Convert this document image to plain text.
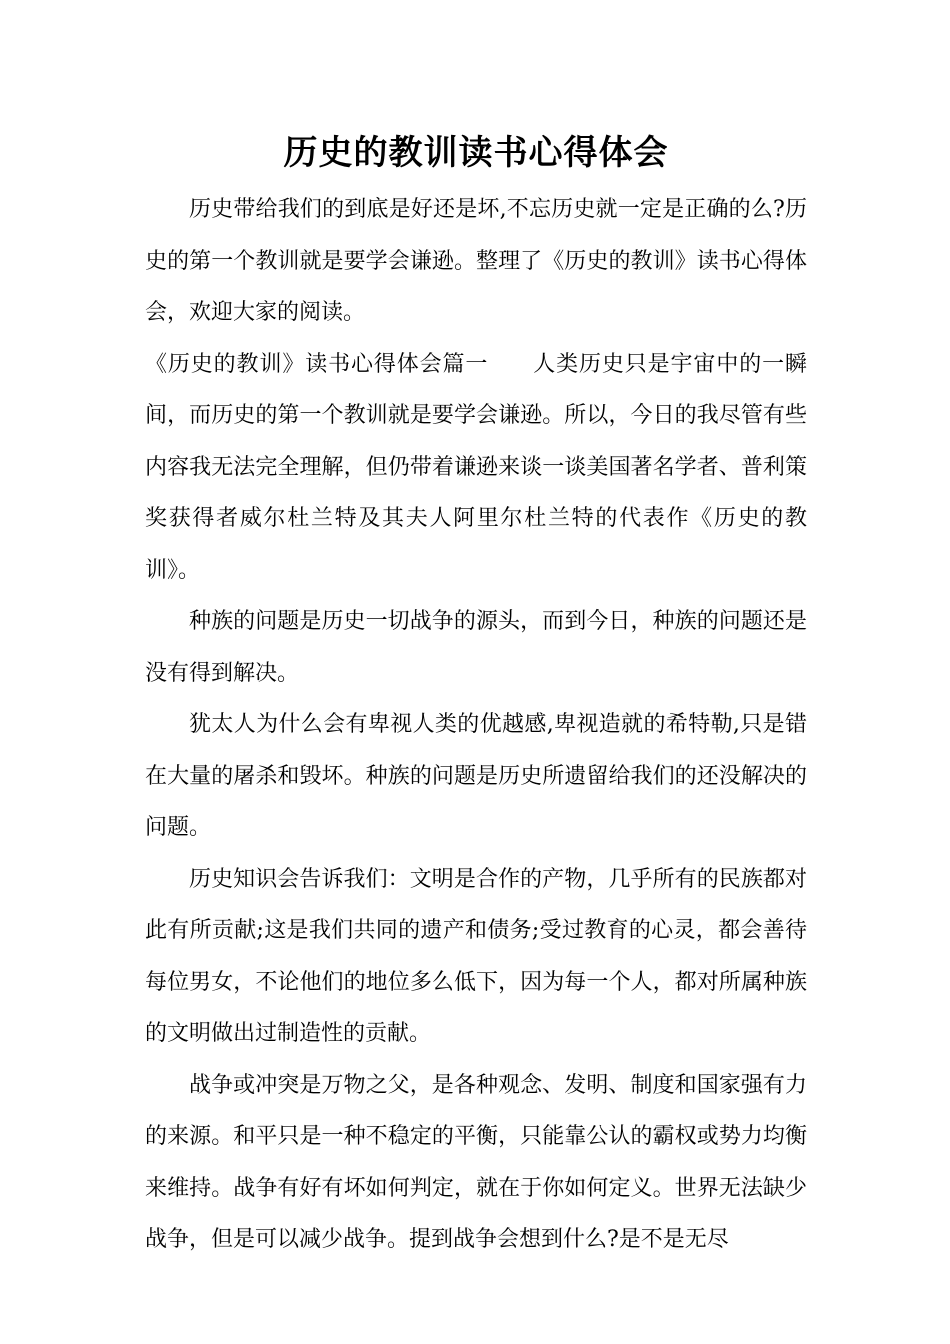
历史的教训读书心得体会

历史带给我们的到底是好还是坏,不忘历史就一定是正确的么?历史的第一个教训就是要学会谦逊。整理了《历史的教训》读书心得体会，欢迎大家的阅读。

《历史的教训》读书心得体会篇一 人类历史只是宇宙中的一瞬间，而历史的第一个教训就是要学会谦逊。所以，今日的我尽管有些内容我无法完全理解，但仍带着谦逊来谈一谈美国著名学者、普利策奖获得者威尔杜兰特及其夫人阿里尔杜兰特的代表作《历史的教训》。

种族的问题是历史一切战争的源头，而到今日，种族的问题还是没有得到解决。

犹太人为什么会有卑视人类的优越感,卑视造就的希特勒,只是错在大量的屠杀和毁坏。种族的问题是历史所遗留给我们的还没解决的问题。

历史知识会告诉我们：文明是合作的产物，几乎所有的民族都对此有所贡献;这是我们共同的遗产和债务;受过教育的心灵，都会善待每位男女，不论他们的地位多么低下，因为每一个人，都对所属种族的文明做出过制造性的贡献。

战争或冲突是万物之父，是各种观念、发明、制度和国家强有力的来源。和平只是一种不稳定的平衡，只能靠公认的霸权或势力均衡来维持。战争有好有坏如何判定，就在于你如何定义。世界无法缺少战争，但是可以减少战争。提到战争会想到什么?是不是无尽
